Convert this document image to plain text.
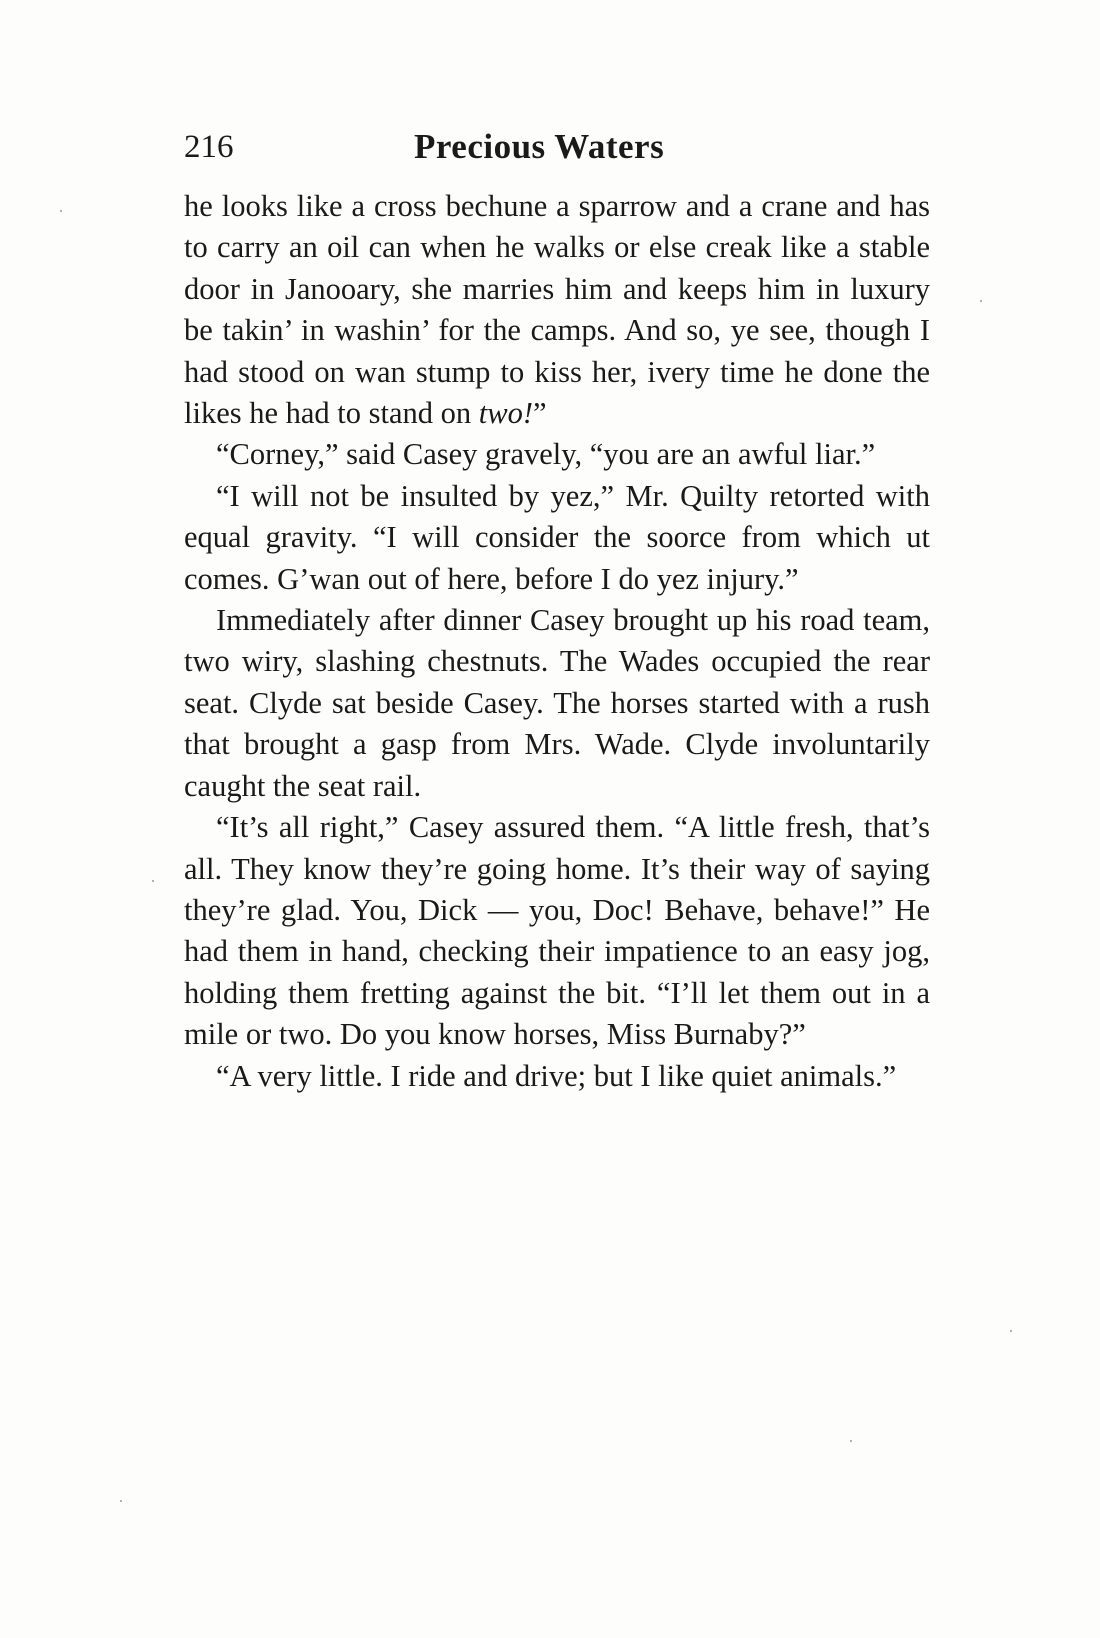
216	Precious Waters

he looks like a cross bechune a sparrow and a crane and has to carry an oil can when he walks or else creak like a stable door in Janooary, she marries him and keeps him in luxury be takin’ in washin’ for the camps. And so, ye see, though I had stood on wan stump to kiss her, ivery time he done the likes he had to stand on two!”

“Corney,” said Casey gravely, “you are an awful liar.”

“I will not be insulted by yez,” Mr. Quilty retorted with equal gravity. “I will consider the soorce from which ut comes. G’wan out of here, before I do yez injury.”

Immediately after dinner Casey brought up his road team, two wiry, slashing chestnuts. The Wades occupied the rear seat. Clyde sat beside Casey. The horses started with a rush that brought a gasp from Mrs. Wade. Clyde involuntarily caught the seat rail.

“It’s all right,” Casey assured them. “A little fresh, that’s all. They know they’re going home. It’s their way of saying they’re glad. You, Dick — you, Doc! Behave, behave!” He had them in hand, checking their impatience to an easy jog, holding them fretting against the bit. “I’ll let them out in a mile or two. Do you know horses, Miss Burnaby?”

“A very little. I ride and drive; but I like quiet animals.”
